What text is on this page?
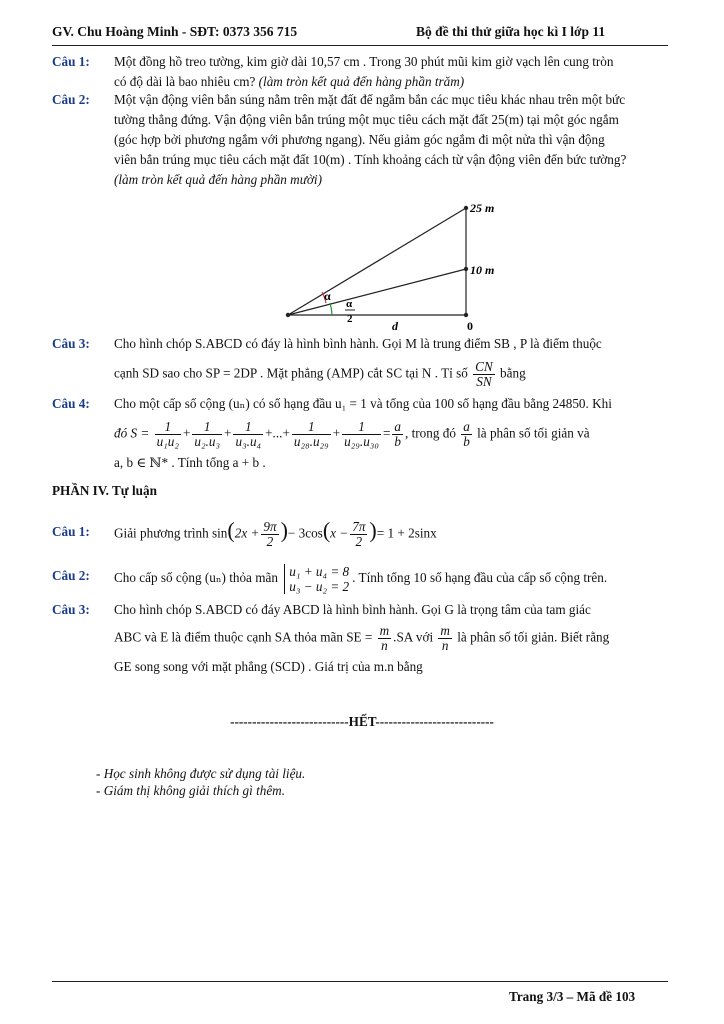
GV. Chu Hoàng Minh - SĐT: 0373 356 715	Bộ đề thi thử giữa học kì I lớp 11
Câu 1: Một đồng hồ treo tường, kim giờ dài 10,57 cm . Trong 30 phút mũi kim giờ vạch lên cung tròn
có độ dài là bao nhiêu cm? (làm tròn kết quả đến hàng phần trăm)
Câu 2: Một vận động viên bắn súng nằm trên mặt đất để ngắm bắn các mục tiêu khác nhau trên một bức
tường thẳng đứng. Vận động viên bắn trúng một mục tiêu cách mặt đất 25(m) tại một góc ngắm
(góc hợp bởi phương ngắm với phương ngang). Nếu giảm góc ngắm đi một nửa thì vận động
viên bắn trúng mục tiêu cách mặt đất 10(m) . Tính khoảng cách từ vận động viên đến bức tường?
(làm tròn kết quả đến hàng phần mười)
25 m
10 m
0
d
α
α
2
Câu 3: Cho hình chóp S.ABCD có đáy là hình bình hành. Gọi M là trung điểm SB , P là điểm thuộc
cạnh SD sao cho SP = 2DP . Mặt phẳng (AMP) cắt SC tại N . Tỉ số $\frac{CN}{SN}$ bằng
Câu 4: Cho một cấp số cộng (uₙ) có số hạng đầu u₁ = 1 và tổng của 100 số hạng đầu bằng 24850. Khi
đó $S = \frac{1}{\text{u₁u₂}} + \frac{1}{\text{u₂.u₃}} + \frac{1}{\text{u₃.u₄}}$ +...+ $\frac{1}{\text{u₂₈.u₂₉}} + \frac{1}{\text{u₂₉.u₃₀}} = \frac{a}{b}$ , trong đó $\frac{a}{b}$ là phân số tối giản và
a, b ∈ ℕ* . Tính tổng a + b .
PHẦN IV. Tự luận
Câu 1: Giải phương trình $\sin(2x + \frac{9\pi}{2}$ )− $3\cos(x - \frac{7\pi}{2}$ )= 1 + 2sinx
Câu 2: Cho cấp số cộng (uₙ) thỏa mãn u₁ + u₄ = 8
u₃ − u₂ = 2
. Tính tổng 10 số hạng đầu của cấp số cộng trên.
Câu 3: Cho hình chóp S.ABCD có đáy ABCD là hình bình hành. Gọi G là trọng tâm của tam giác
ABC và E là điểm thuộc cạnh SA thỏa mãn SE = $\frac{m}{n} .SA$ với $\frac{m}{n}$ là phân số tối giản. Biết rằng
GE song song với mặt phẳng (SCD) . Giá trị của m.n bằng
---------------------------HẾT---------------------------
- Học sinh không được sử dụng tài liệu.
- Giám thị không giải thích gì thêm.
Trang 3/3 – Mã đề 103
